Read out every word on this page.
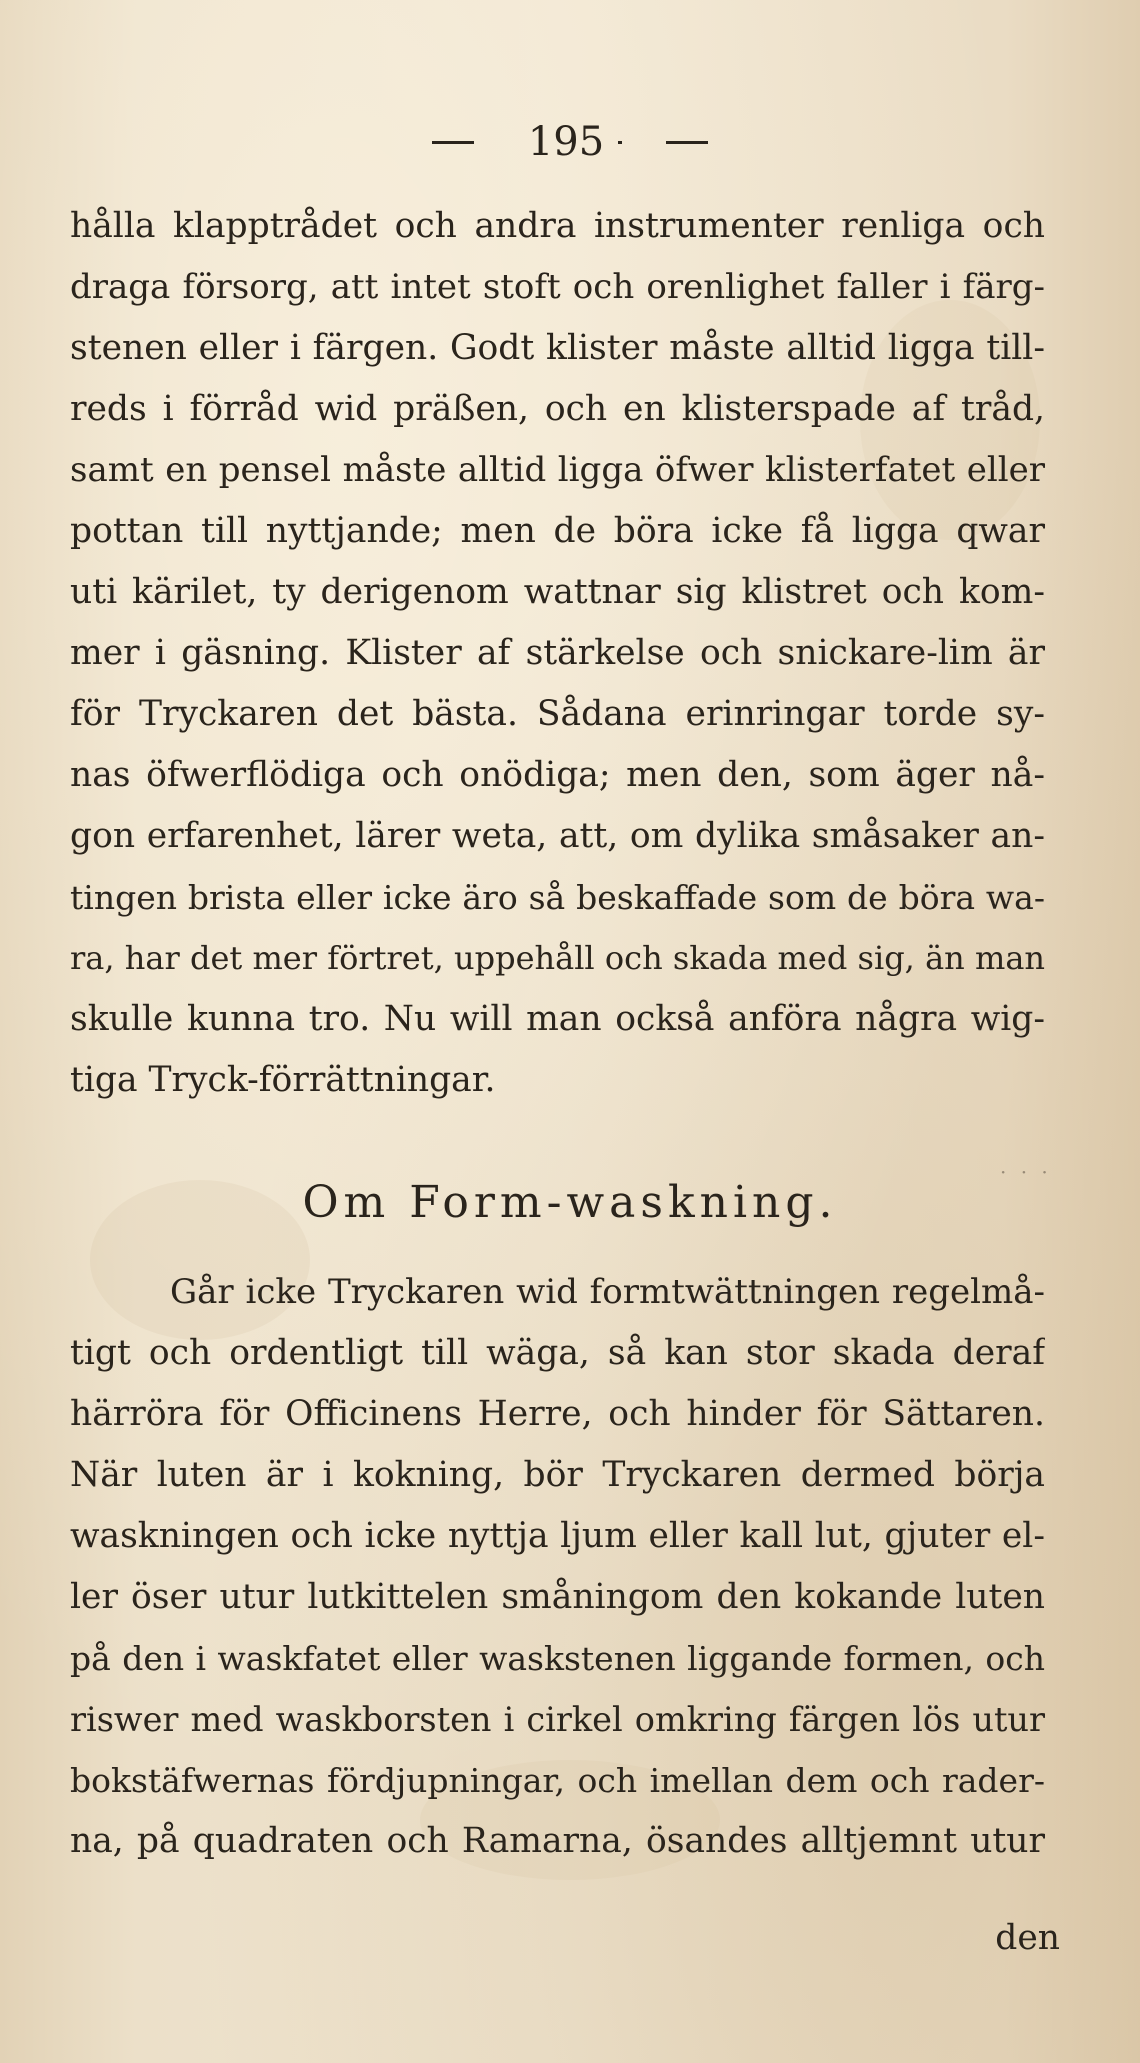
195
hålla klapptrådet och andra instrumenter renliga och
draga försorg, att intet stoft och orenlighet faller i färg-
stenen eller i färgen. Godt klister måste alltid ligga till-
reds i förråd wid präßen, och en klisterspade af tråd,
samt en pensel måste alltid ligga öfwer klisterfatet eller
pottan till nyttjande; men de böra icke få ligga qwar
uti kärilet, ty derigenom wattnar sig klistret och kom-
mer i gäsning. Klister af stärkelse och snickare-lim är
för Tryckaren det bästa. Sådana erinringar torde sy-
nas öfwerflödiga och onödiga; men den, som äger nå-
gon erfarenhet, lärer weta, att, om dylika småsaker an-
tingen brista eller icke äro så beskaffade som de böra wa-
ra, har det mer förtret, uppehåll och skada med sig, än man
skulle kunna tro. Nu will man också anföra några wig-
tiga Tryck-förrättningar.
· · ·
Om Form-waskning.
Går icke Tryckaren wid formtwättningen regelmå-
tigt och ordentligt till wäga, så kan stor skada deraf
härröra för Officinens Herre, och hinder för Sättaren.
När luten är i kokning, bör Tryckaren dermed börja
waskningen och icke nyttja ljum eller kall lut, gjuter el-
ler öser utur lutkittelen småningom den kokande luten
på den i waskfatet eller waskstenen liggande formen, och
riswer med waskborsten i cirkel omkring färgen lös utur
bokstäfwernas fördjupningar, och imellan dem och rader-
na, på quadraten och Ramarna, ösandes alltjemnt utur
den
